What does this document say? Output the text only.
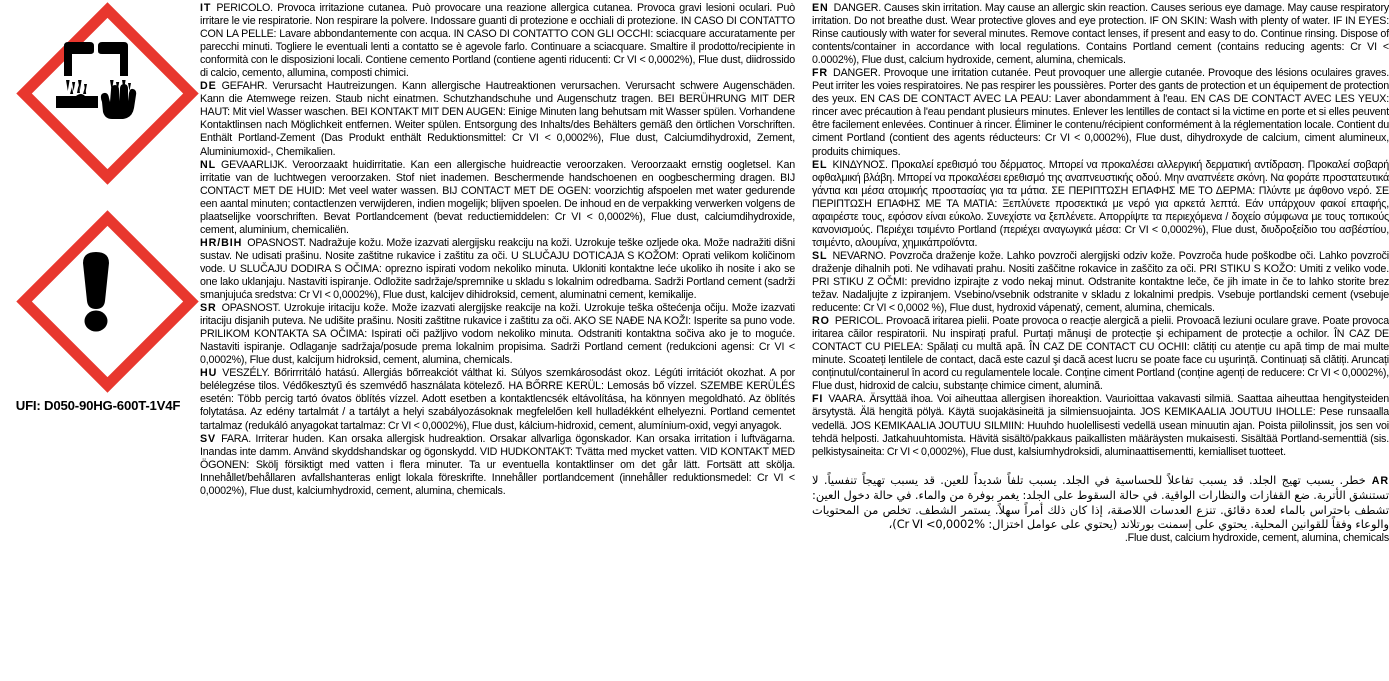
UFI: D050-90HG-600T-1V4F

IT PERICOLO. Provoca irritazione cutanea. Può provocare una reazione allergica cutanea. Provoca gravi lesioni oculari. Può irritare le vie respiratorie. Non respirare la polvere. Indossare guanti di protezione e occhiali di protezione. IN CASO DI CONTATTO CON LA PELLE: Lavare abbondantemente con acqua. IN CASO DI CONTATTO CON GLI OCCHI: sciacquare accuratamente per parecchi minuti. Togliere le eventuali lenti a contatto se è agevole farlo. Continuare a sciacquare. Smaltire il prodotto/recipiente in conformità con le disposizioni locali. Contiene cemento Portland (contiene agenti riducenti: Cr VI < 0,0002%), Flue dust, diidrossido di calcio, cemento, allumina, composti chimici.

DE GEFAHR. Verursacht Hautreizungen. Kann allergische Hautreaktionen verursachen. Verursacht schwere Augenschäden. Kann die Atemwege reizen. Staub nicht einatmen. Schutzhandschuhe und Augenschutz tragen. BEI BERÜHRUNG MIT DER HAUT: Mit viel Wasser waschen. BEI KONTAKT MIT DEN AUGEN: Einige Minuten lang behutsam mit Wasser spülen. Vorhandene Kontaktlinsen nach Möglichkeit entfernen. Weiter spülen. Entsorgung des Inhalts/des Behälters gemäß den örtlichen Vorschriften. Enthält Portland-Zement (Das Produkt enthält Reduktionsmittel: Cr VI < 0,0002%), Flue dust, Calciumdihydroxid, Zement, Aluminiumoxid-, Chemikalien.

NL GEVAARLIJK. Veroorzaakt huidirritatie. Kan een allergische huidreactie veroorzaken. Veroorzaakt ernstig oogletsel. Kan irritatie van de luchtwegen veroorzaken. Stof niet inademen. Beschermende handschoenen en oogbescherming dragen. BIJ CONTACT MET DE HUID: Met veel water wassen. BIJ CONTACT MET DE OGEN: voorzichtig afspoelen met water gedurende een aantal minuten; contactlenzen verwijderen, indien mogelijk; blijven spoelen. De inhoud en de verpakking verwerken volgens de plaatselijke voorschriften. Bevat Portlandcement (bevat reductiemiddelen: Cr VI < 0,0002%), Flue dust, calciumdihydroxide, cement, aluminium, chemicaliën.

HR/BIH OPASNOST. Nadražuje kožu. Može izazvati alergijsku reakciju na koži. Uzrokuje teške ozljede oka. Može nadražiti dišni sustav. Ne udisati prašinu. Nosite zaštitne rukavice i zaštitu za oči. U SLUČAJU DOTICAJA S KOŽOM: Oprati velikom količinom vode. U SLUČAJU DODIRA S OČIMA: oprezno ispirati vodom nekoliko minuta. Ukloniti kontaktne leće ukoliko ih nosite i ako se one lako uklanjaju. Nastaviti ispiranje. Odložite sadržaje/spremnike u skladu s lokalnim odredbama. Sadrži Portland cement (sadrži smanjujuća sredstva: Cr VI < 0,0002%), Flue dust, kalcijev dihidroksid, cement, aluminatni cement, kemikalije.

SR OPASNOST. Uzrokuje iritaciju kože. Može izazvati alergijske reakcije na koži. Uzrokuje teška oštećenja očiju. Može izazvati iritaciju disjanih puteva. Ne udišite prašinu. Nositi zaštitne rukavice i zaštitu za oči. AKO SE NAĐE NA KOŽI: Isperite sa puno vode. PRILIKOM KONTAKTA SA OČIMA: Ispirati oči pažljivo vodom nekoliko minuta. Odstraniti kontaktna sočiva ako je to moguće. Nastaviti ispiranje. Odlaganje sadržaja/posude prema lokalnim propisima. Sadrži Portland cement (redukcioni agensi: Cr VI < 0,0002%), Flue dust, kalcijum hidroksid, cement, alumina, chemicals.

HU VESZÉLY. Bőrirrritáló hatású. Allergiás bőrreakciót válthat ki. Súlyos szemkárosodást okoz. Légúti irritációt okozhat. A por belélegzése tilos. Védőkesztyű és szemvédő használata kötelező. HA BŐRRE KERÜL: Lemosás bő vízzel. SZEMBE KERÜLÉS esetén: Több percig tartó óvatos öblítés vízzel. Adott esetben a kontaktlencsék eltávolítása, ha könnyen megoldható. Az öblítés folytatása. Az edény tartalmát / a tartályt a helyi szabályozásoknak megfelelően kell hulladékként elhelyezni. Portland cementet tartalmaz (redukáló anyagokat tartalmaz: Cr VI < 0,0002%), Flue dust, kálcium-hidroxid, cement, alumínium-oxid, vegyi anyagok.

SV FARA. Irriterar huden. Kan orsaka allergisk hudreaktion. Orsakar allvarliga ögonskador. Kan orsaka irritation i luftvägarna. Inandas inte damm. Använd skyddshandskar og ögonskydd. VID HUDKONTAKT: Tvätta med mycket vatten. VID KONTAKT MED ÖGONEN: Skölj försiktigt med vatten i flera minuter. Ta ur eventuella kontaktlinser om det går lätt. Fortsätt att skölja. Innehållet/behållaren avfallshanteras enligt lokala föreskrifte. Innehåller portlandcement (innehåller reduktionsmedel: Cr VI < 0,0002%), Flue dust, kalciumhydroxid, cement, alumina, chemicals.

EN DANGER. Causes skin irritation. May cause an allergic skin reaction. Causes serious eye damage. May cause respiratory irritation. Do not breathe dust. Wear protective gloves and eye protection. IF ON SKIN: Wash with plenty of water. IF IN EYES: Rinse cautiously with water for several minutes. Remove contact lenses, if present and easy to do. Continue rinsing. Dispose of contents/container in accordance with local regulations. Contains Portland cement (contains reducing agents: Cr VI < 0.0002%), Flue dust, calcium hydroxide, cement, alumina, chemicals.

FR DANGER. Provoque une irritation cutanée. Peut provoquer une allergie cutanée. Provoque des lésions oculaires graves. Peut irriter les voies respiratoires. Ne pas respirer les poussières. Porter des gants de protection et un équipement de protection des yeux. EN CAS DE CONTACT AVEC LA PEAU: Laver abondamment à l'eau. EN CAS DE CONTACT AVEC LES YEUX: rincer avec précaution à l'eau pendant plusieurs minutes. Enlever les lentilles de contact si la victime en porte et si elles peuvent être facilement enlevées. Continuer à rincer. Éliminer le contenu/récipient conformément à la réglementation locale. Contient du ciment Portland (contient des agents réducteurs: Cr VI < 0,0002%), Flue dust, dihydroxyde de calcium, ciment alumineux, produits chimiques.

EL ΚΙΝΔΥΝΟΣ. Προκαλεί ερεθισμό του δέρματος. Μπορεί να προκαλέσει αλλεργική δερματική αντίδραση. Προκαλεί σοβαρή οφθαλμική βλάβη. Μπορεί να προκαλέσει ερεθισμό της αναπνευστικής οδού. Μην αναπνέετε σκόνη. Να φοράτε προστατευτικά γάντια και μέσα ατομικής προστασίας για τα μάτια. ΣΕ ΠΕΡΙΠΤΩΣΗ ΕΠΑΦΗΣ ΜΕ ΤΟ ΔΕΡΜΑ: Πλύντε με άφθονο νερό. ΣΕ ΠΕΡΙΠΤΩΣΗ ΕΠΑΦΗΣ ΜΕ ΤΑ ΜΑΤΙΑ: Ξεπλύνετε προσεκτικά με νερό για αρκετά λεπτά. Εάν υπάρχουν φακοί επαφής, αφαιρέστε τους, εφόσον είναι εύκολο. Συνεχίστε να ξεπλένετε. Απορρίψτε τα περιεχόμενα / δοχείο σύμφωνα με τους τοπικούς κανονισμούς. Περιέχει τσιμέντο Portland (περιέχει αναγωγικά μέσα: Cr VI < 0,0002%), Flue dust, διυδροξείδιο του ασβέστίου, τσιμέντο, αλουμίνα, χημικάπροϊόντα.

SL NEVARNO. Povzroča draženje kože. Lahko povzroči alergijski odziv kože. Povzroča hude poškodbe oči. Lahko povzroči draženje dihalnih poti. Ne vdihavati prahu. Nositi zaščitne rokavice in zaščito za oči. PRI STIKU S KOŽO: Umiti z veliko vode. PRI STIKU Z OČMI: previdno izpirajte z vodo nekaj minut. Odstranite kontaktne leče, če jih imate in če to lahko storite brez težav. Nadaljujte z izpiranjem. Vsebino/vsebnik odstranite v skladu z lokalnimi predpis. Vsebuje portlandski cement (vsebuje reducente: Cr VI < 0,0002 %), Flue dust, hydroxid vápenatý, cement, alumina, chemicals.

RO PERICOL. Provoacă iritarea pielii. Poate provoca o reacție alergică a pielii. Provoacă leziuni oculare grave. Poate provoca iritarea căilor respiratorii. Nu inspirați praful. Purtați mănuşi de protecție şi echipament de protecție a ochilor. ÎN CAZ DE CONTACT CU PIELEA: Spălați cu multă apă. ÎN CAZ DE CONTACT CU OCHII: clătiți cu atenție cu apă timp de mai multe minute. Scoateți lentilele de contact, dacă este cazul şi dacă acest lucru se poate face cu uşurință. Continuați să clătiți. Aruncați conținutul/containerul în acord cu regulamentele locale. Conține ciment Portland (conține agenți de reducere: Cr VI < 0,0002%), Flue dust, hidroxid de calciu, substanțe chimice ciment, alumină.

FI VAARA. Ärsyttää ihoa. Voi aiheuttaa allergisen ihoreaktion. Vaurioittaa vakavasti silmiä. Saattaa aiheuttaa hengitysteiden ärsytystä. Älä hengitä pölyä. Käytä suojakäsineitä ja silmiensuojainta. JOS KEMIKAALIA JOUTUU IHOLLE: Pese runsaalla vedellä. JOS KEMIKAALIA JOUTUU SILMIIN: Huuhdo huolellisesti vedellä usean minuutin ajan. Poista piilolinssit, jos sen voi tehdä helposti. Jatkahuuhtomista. Hävitä sisältö/pakkaus paikallisten määräysten mukaisesti. Sisältää Portland-sementtiä (sis. pelkistysaineita: Cr VI < 0,0002%), Flue dust, kalsiumhydroksidi, aluminaattisementti, kemialliset tuotteet.

ARخطر. يسبب تهيج الجلد. قد يسبب تفاعلاً للحساسية في الجلد. يسبب تلفاً شديداً للعين. قد يسبب تهيجاً تنفسياً. لا تستنشق الأتربة. ضع القفازات والنظارات الواقية. في حالة السقوط على الجلد: يغمر بوفرة من والماء. في حالة دخول العين: تشطف باحتراس بالماء لعدة دقائق. تنزع العدسات اللاصقة، إذا كان ذلك أمراً سهلاً. يستمر الشطف. تخلص من المحتويات والوعاء وفقاً للقوانين المحلية. يحتوي على إسمنت بورتلاند (يحتوي على عوامل اختزال: %Cr VI <0,0002)،

.Flue dust, calcium hydroxide, cement, alumina, chemicals
